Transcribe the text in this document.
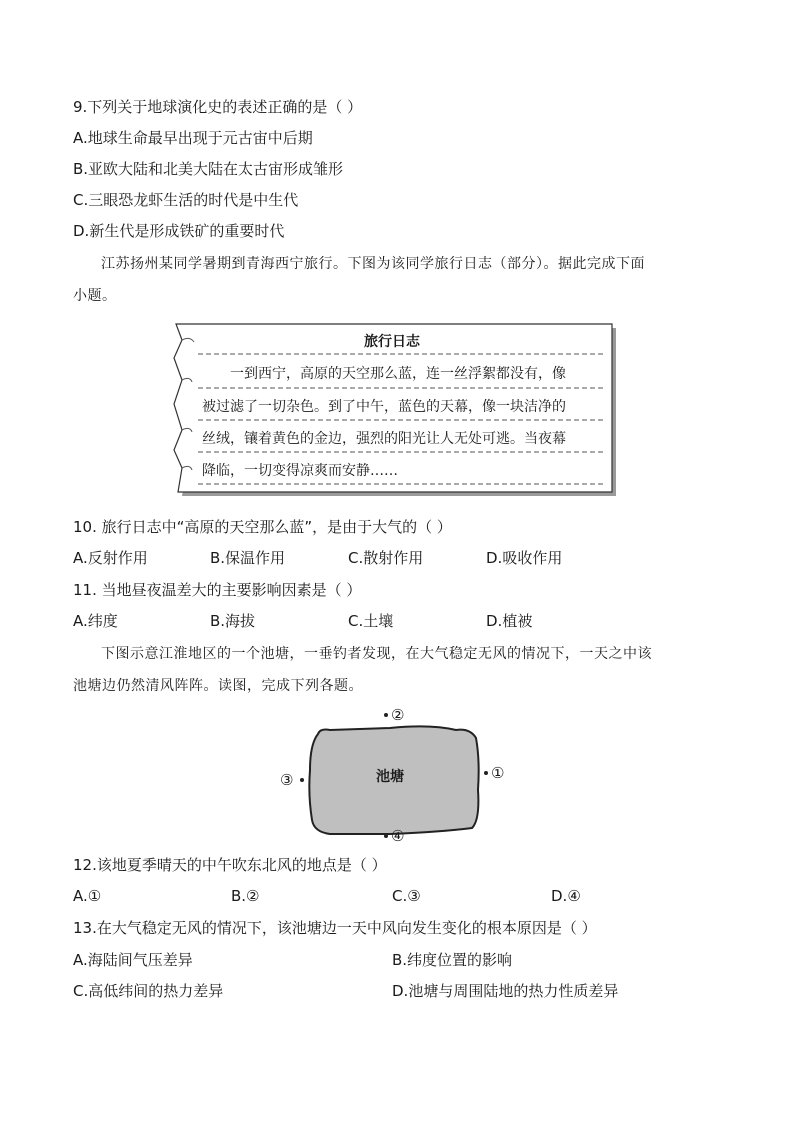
9.下列关于地球演化史的表述正确的是（ ）
A.地球生命最早出现于元古宙中后期
B.亚欧大陆和北美大陆在太古宙形成雏形
C.三眼恐龙虾生活的时代是中生代
D.新生代是形成铁矿的重要时代

江苏扬州某同学暑期到青海西宁旅行。下图为该同学旅行日志（部分）。据此完成下面

小题。
旅行日志
一到西宁，高原的天空那么蓝，连一丝浮絮都没有，像
被过滤了一切杂色。到了中午，蓝色的天幕，像一块洁净的
丝绒，镶着黄色的金边，强烈的阳光让人无处可逃。当夜幕
降临，一切变得凉爽而安静……
10. 旅行日志中“高原的天空那么蓝”，是由于大气的（ ）
A.反射作用	B.保温作用	C.散射作用	D.吸收作用
11. 当地昼夜温差大的主要影响因素是（ ）
A.纬度	B.海拔	C.土壤	D.植被

下图示意江淮地区的一个池塘，一垂钓者发现，在大气稳定无风的情况下，一天之中该

池塘边仍然清风阵阵。读图，完成下列各题。
池塘
②
①
③
④
12.该地夏季晴天的中午吹东北风的地点是（ ）
A.①	B.②	C.③	D.④
13.在大气稳定无风的情况下，该池塘边一天中风向发生变化的根本原因是（ ）
A.海陆间气压差异	B.纬度位置的影响
C.高低纬间的热力差异	D.池塘与周围陆地的热力性质差异
